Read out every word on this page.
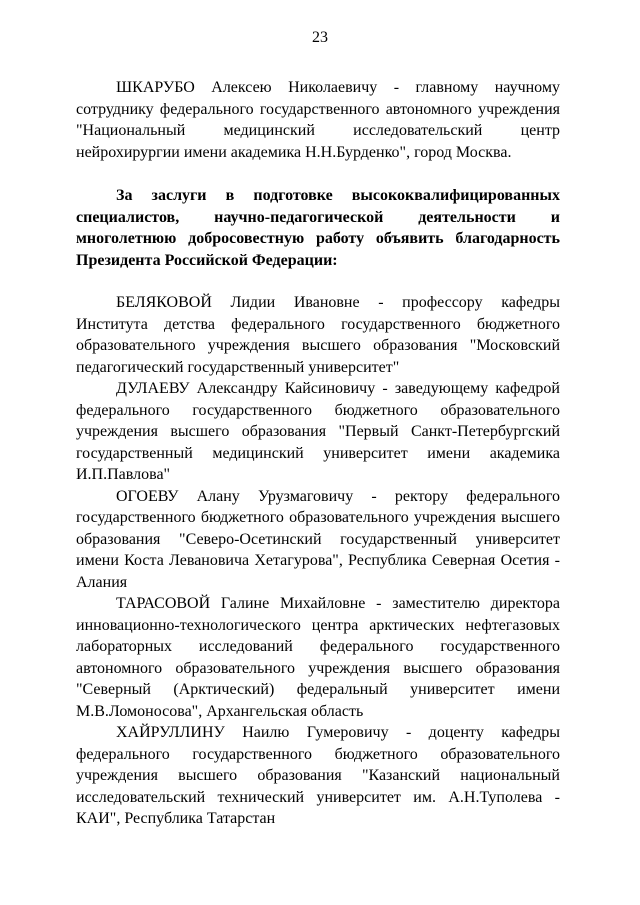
23

ШКАРУБО Алексею Николаевичу - главному научному сотруднику федерального государственного автономного учреждения "Национальный медицинский исследовательский центр нейрохирургии имени академика Н.Н.Бурденко", город Москва.

За заслуги в подготовке высококвалифицированных специалистов, научно-педагогической деятельности и многолетнюю добросовестную работу объявить благодарность Президента Российской Федерации:

БЕЛЯКОВОЙ Лидии Ивановне - профессору кафедры Института детства федерального государственного бюджетного образовательного учреждения высшего образования "Московский педагогический государственный университет"

ДУЛАЕВУ Александру Кайсиновичу - заведующему кафедрой федерального государственного бюджетного образовательного учреждения высшего образования "Первый Санкт-Петербургский государственный медицинский университет имени академика И.П.Павлова"

ОГОЕВУ Алану Урузмаговичу - ректору федерального государственного бюджетного образовательного учреждения высшего образования "Северо-Осетинский государственный университет имени Коста Левановича Хетагурова", Республика Северная Осетия - Алания

ТАРАСОВОЙ Галине Михайловне - заместителю директора инновационно-технологического центра арктических нефтегазовых лабораторных исследований федерального государственного автономного образовательного учреждения высшего образования "Северный (Арктический) федеральный университет имени М.В.Ломоносова", Архангельская область

ХАЙРУЛЛИНУ Наилю Гумеровичу - доценту кафедры федерального государственного бюджетного образовательного учреждения высшего образования "Казанский национальный исследовательский технический университет им. А.Н.Туполева - КАИ", Республика Татарстан
